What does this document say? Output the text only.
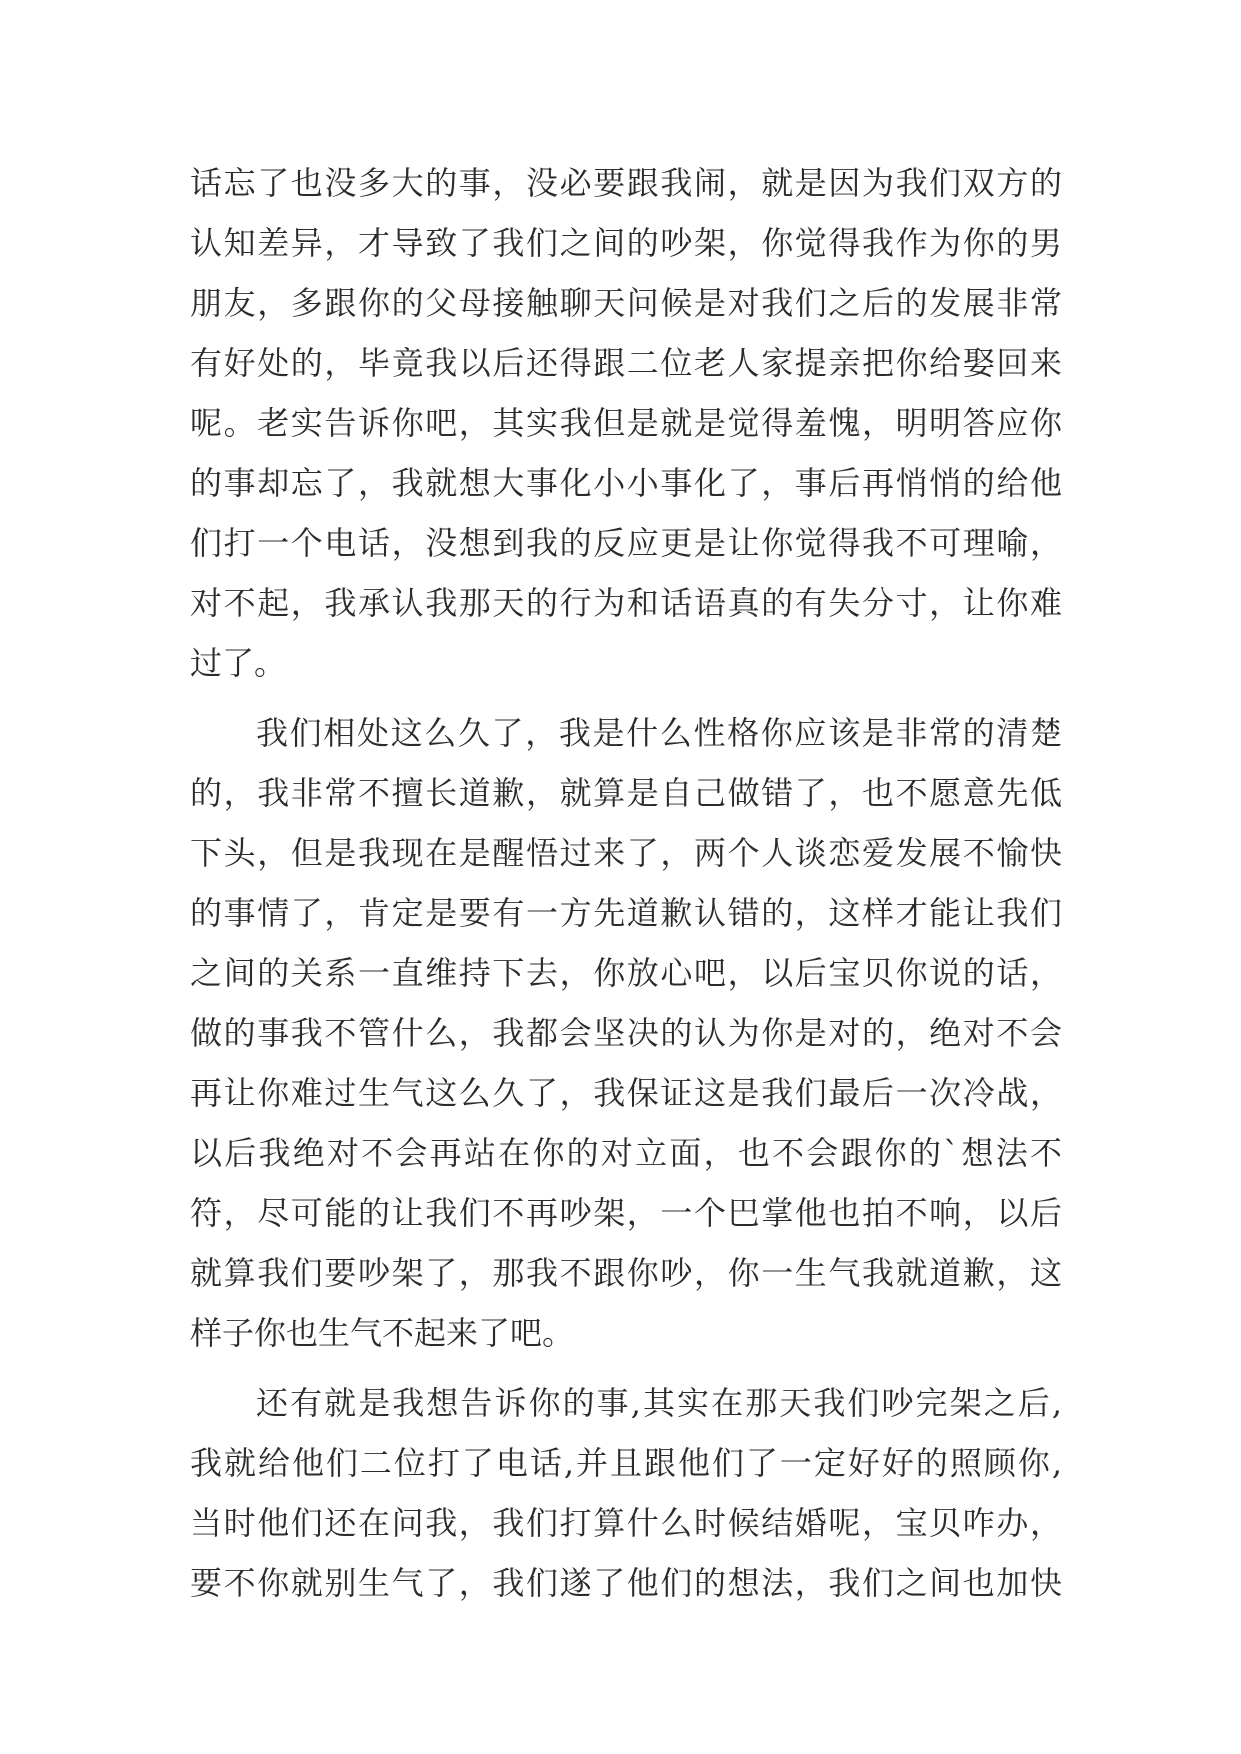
话忘了也没多大的事，没必要跟我闹，就是因为我们双方的
认知差异，才导致了我们之间的吵架，你觉得我作为你的男
朋友，多跟你的父母接触聊天问候是对我们之后的发展非常
有好处的，毕竟我以后还得跟二位老人家提亲把你给娶回来
呢。老实告诉你吧，其实我但是就是觉得羞愧，明明答应你
的事却忘了，我就想大事化小小事化了，事后再悄悄的给他
们打一个电话，没想到我的反应更是让你觉得我不可理喻，
对不起，我承认我那天的行为和话语真的有失分寸，让你难
过了。
我们相处这么久了，我是什么性格你应该是非常的清楚
的，我非常不擅长道歉，就算是自己做错了，也不愿意先低
下头，但是我现在是醒悟过来了，两个人谈恋爱发展不愉快
的事情了，肯定是要有一方先道歉认错的，这样才能让我们
之间的关系一直维持下去，你放心吧，以后宝贝你说的话，
做的事我不管什么，我都会坚决的认为你是对的，绝对不会
再让你难过生气这么久了，我保证这是我们最后一次冷战，
以后我绝对不会再站在你的对立面，也不会跟你的`想法不
符，尽可能的让我们不再吵架，一个巴掌他也拍不响，以后
就算我们要吵架了，那我不跟你吵，你一生气我就道歉，这
样子你也生气不起来了吧。
还有就是我想告诉你的事,其实在那天我们吵完架之后,
我就给他们二位打了电话,并且跟他们了一定好好的照顾你,
当时他们还在问我，我们打算什么时候结婚呢，宝贝咋办，
要不你就别生气了，我们遂了他们的想法，我们之间也加快
